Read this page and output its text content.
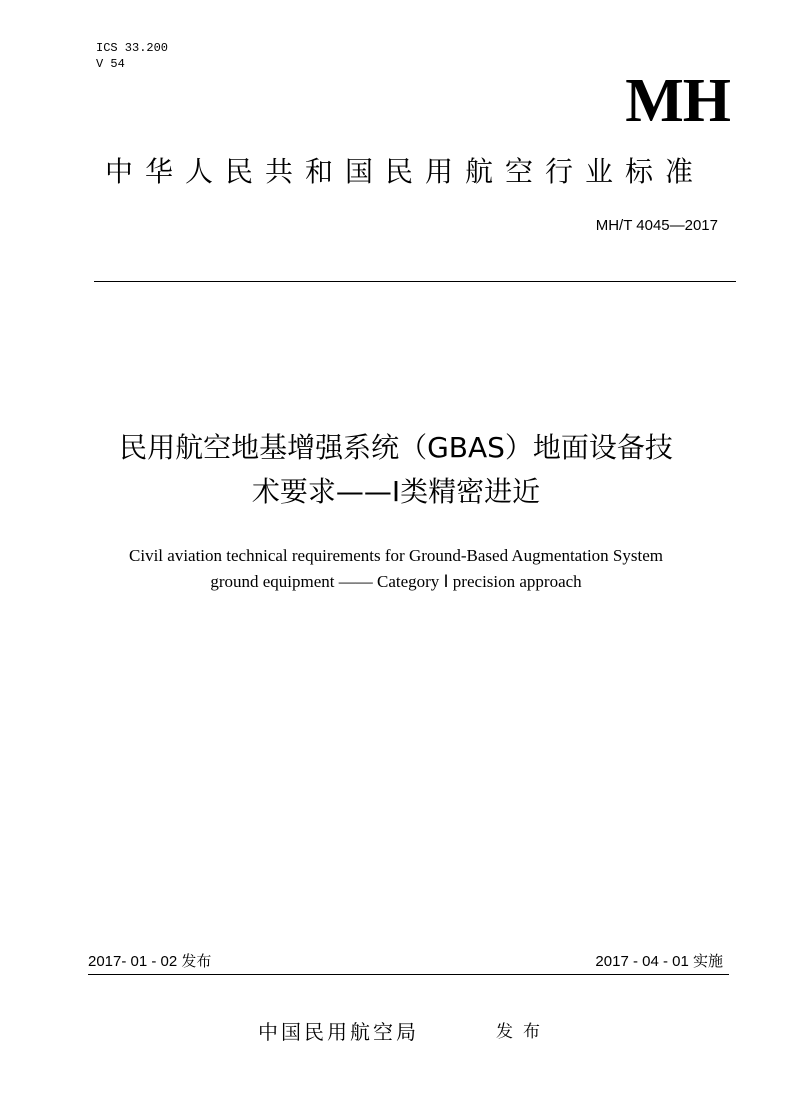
ICS 33.200
V 54
MH
中华人民共和国民用航空行业标准
MH/T 4045—2017
民用航空地基增强系统（GBAS）地面设备技
术要求——Ⅰ类精密进近
Civil aviation technical requirements for Ground-Based Augmentation System
ground equipment —— Category Ⅰ precision approach
2017- 01 - 02 发布	2017 - 04 - 01 实施
中国民用航空局	发布
